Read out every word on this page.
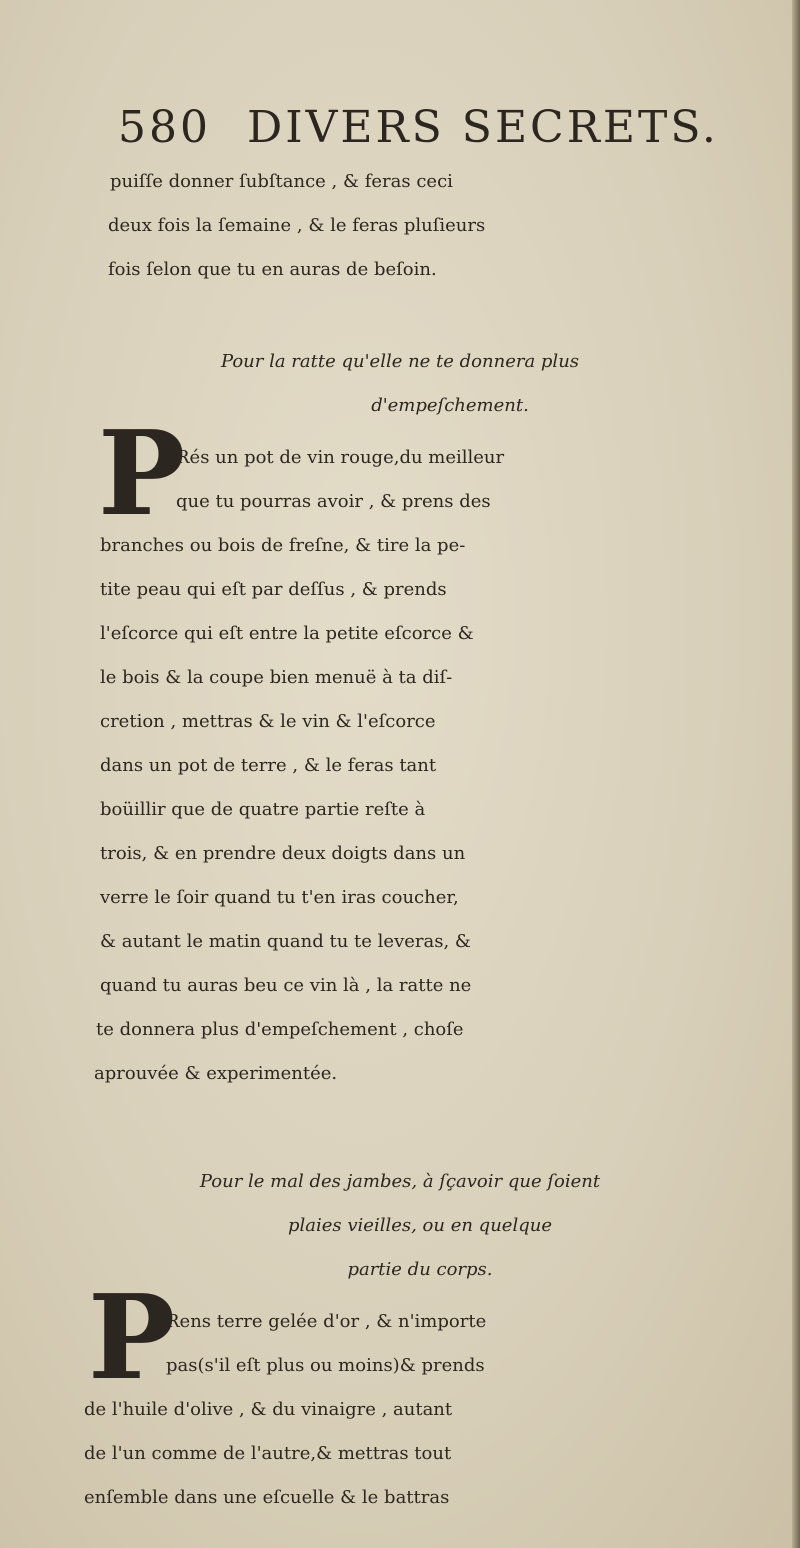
580 DIVERS SECRETS.
puiſſe donner ſubſtance , & feras ceci
deux fois la ſemaine , & le feras pluſieurs
fois ſelon que tu en auras de beſoin.
Pour la ratte qu'elle ne te donnera plus
d'empeſchement.
P
Rés un pot de vin rouge,du meilleur
que tu pourras avoir , & prens des
branches ou bois de freſne, & tire la pe-
tite peau qui eſt par deſſus , & prends
l'eſcorce qui eſt entre la petite eſcorce &
le bois & la coupe bien menuë à ta diſ-
cretion , mettras & le vin & l'eſcorce
dans un pot de terre , & le feras tant
boüillir que de quatre partie reſte à
trois, & en prendre deux doigts dans un
verre le ſoir quand tu t'en iras coucher,
& autant le matin quand tu te leveras, &
quand tu auras beu ce vin là , la ratte ne
te donnera plus d'empeſchement , choſe
aprouvée & experimentée.
Pour le mal des jambes, à ſçavoir que ſoient
plaies vieilles, ou en quelque
partie du corps.
P
Rens terre gelée d'or , & n'importe
pas(s'il eſt plus ou moins)& prends
de l'huile d'olive , & du vinaigre , autant
de l'un comme de l'autre,& mettras tout
enſemble dans une eſcuelle & le battras
